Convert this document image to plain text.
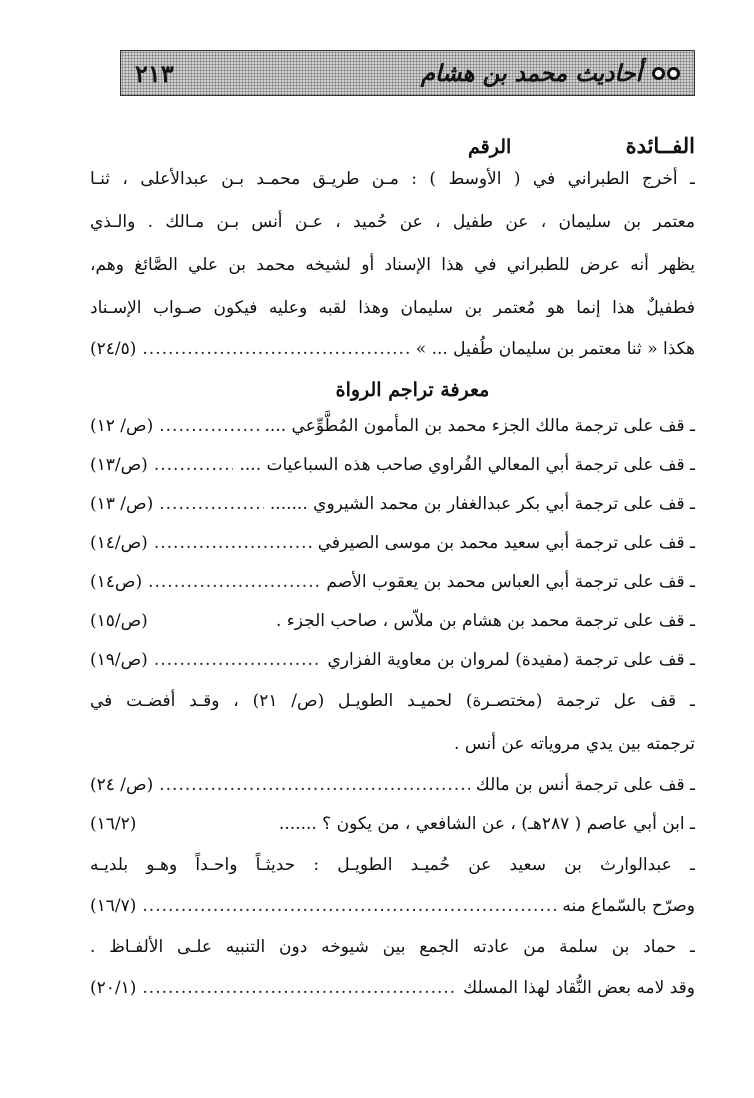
أحاديث محمد بن هشام
٢١٣
الفــائدة
الرقم
ـ أخرج الطبراني في ( الأوسط ) : مـن طريـق محمـد بـن عبدالأعلى ، ثنـا
معتمر بن سليمان ، عن طفيل ، عن حُميد ، عـن أنس بـن مـالك . والـذي
يظهر أنه عرض للطبراني في هذا الإسناد أو لشيخه محمد بن علي الصَّائغ وهم،
فطفيلٌ هذا إنما هو مُعتمر بن سليمان وهذا لقبه وعليه فيكون صـواب الإسـناد
هكذا « ثنا معتمر بن سليمان طُفيل ... »
.....
(٢٤/٥)
معرفة تراجم الرواة
ـ قف على ترجمة مالك الجزء محمد بن المأمون المُطَّوِّعي ....
.....
(ص/ ١٢)
ـ قف على ترجمة أبي المعالي الفُراوي صاحب هذه السباعيات ....
.....
(ص/١٣)
ـ قف على ترجمة أبي بكر عبدالغفار بن محمد الشيروي .......
.....
(ص/ ١٣)
ـ قف على ترجمة أبي سعيد محمد بن موسى الصيرفي
.....
(ص/١٤)
ـ قف على ترجمة أبي العباس محمد بن يعقوب الأصم
.....
(ص١٤)
ـ قف على ترجمة محمد بن هشام بن ملاّس ، صاحب الجزء .
(ص/١٥)
ـ قف على ترجمة (مفيدة) لمروان بن معاوية الفزاري
.....
(ص/١٩)
ـ قف عل ترجمة (مختصـرة) لحميـد الطويـل (ص/ ٢١) ، وقـد أفضـت في
ترجمته بين يدي مروياته عن أنس .
ـ قف على ترجمة أنس بن مالك
.....
(ص/ ٢٤)
ـ ابن أبي عاصم ( ٢٨٧هـ) ، عن الشافعي ، من يكون ؟ .......
(١٦/٢)
ـ عبدالوارث بن سعيد عن حُميـد الطويـل : حديثـاً واحـداً وهـو بلديـه
وصرّح بالسّماع منه
.....
(١٦/٧)
ـ حماد بن سلمة من عادته الجمع بين شيوخه دون التنبيه علـى الألفـاظ .
وقد لامه بعض النُّقاد لهذا المسلك
.....
(٢٠/١)
